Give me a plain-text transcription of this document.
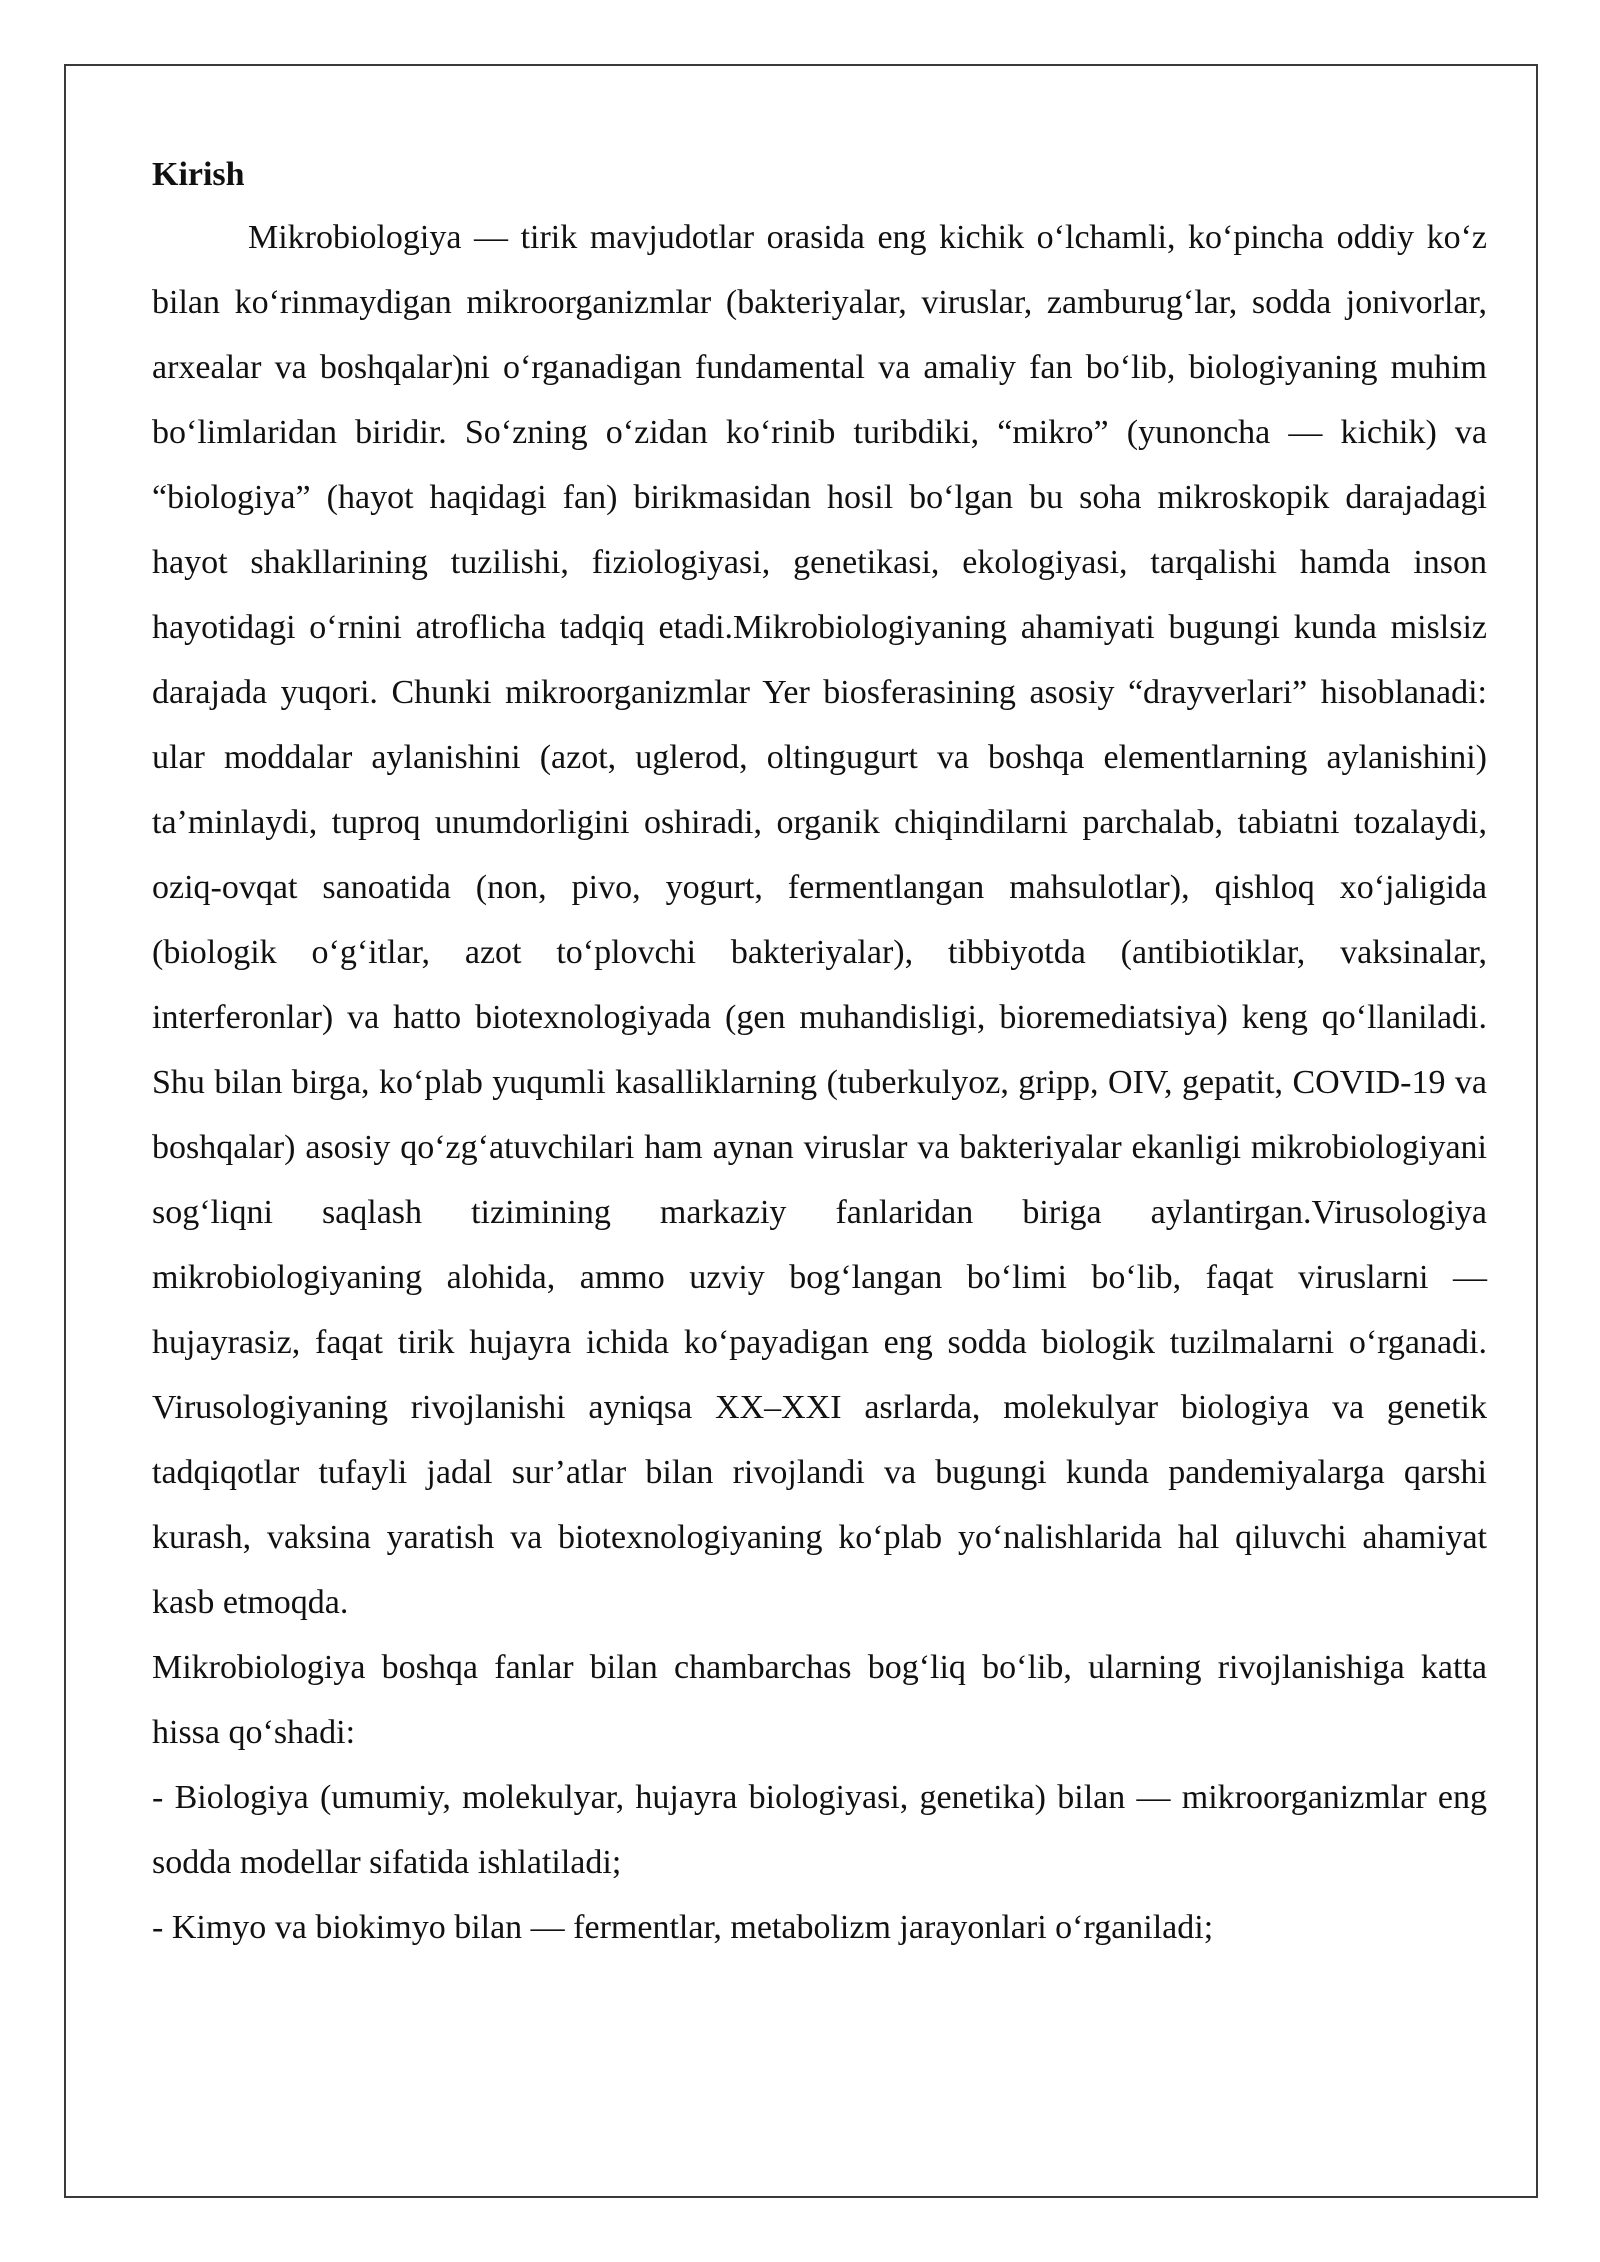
Kirish

Mikrobiologiya — tirik mavjudotlar orasida eng kichik o‘lchamli, ko‘pincha oddiy ko‘z bilan ko‘rinmaydigan mikroorganizmlar (bakteriyalar, viruslar, zamburug‘lar, sodda jonivorlar, arxealar va boshqalar)ni o‘rganadigan fundamental va amaliy fan bo‘lib, biologiyaning muhim bo‘limlaridan biridir. So‘zning o‘zidan ko‘rinib turibdiki, “mikro” (yunoncha — kichik) va “biologiya” (hayot haqidagi fan) birikmasidan hosil bo‘lgan bu soha mikroskopik darajadagi hayot shakllarining tuzilishi, fiziologiyasi, genetikasi, ekologiyasi, tarqalishi hamda inson hayotidagi o‘rnini atroflicha tadqiq etadi.Mikrobiologiyaning ahamiyati bugungi kunda mislsiz darajada yuqori. Chunki mikroorganizmlar Yer biosferasining asosiy “drayverlari” hisoblanadi: ular moddalar aylanishini (azot, uglerod, oltingugurt va boshqa elementlarning aylanishini) ta’minlaydi, tuproq unumdorligini oshiradi, organik chiqindilarni parchalab, tabiatni tozalaydi, oziq-ovqat sanoatida (non, pivo, yogurt, fermentlangan mahsulotlar), qishloq xo‘jaligida (biologik o‘g‘itlar, azot to‘plovchi bakteriyalar), tibbiyotda (antibiotiklar, vaksinalar, interferonlar) va hatto biotexnologiyada (gen muhandisligi, bioremediatsiya) keng qo‘llaniladi. Shu bilan birga, ko‘plab yuqumli kasalliklarning (tuberkulyoz, gripp, OIV, gepatit, COVID-19 va boshqalar) asosiy qo‘zg‘atuvchilari ham aynan viruslar va bakteriyalar ekanligi mikrobiologiyani sog‘liqni saqlash tizimining markaziy fanlaridan biriga aylantirgan.Virusologiya mikrobiologiyaning alohida, ammo uzviy bog‘langan bo‘limi bo‘lib, faqat viruslarni — hujayrasiz, faqat tirik hujayra ichida ko‘payadigan eng sodda biologik tuzilmalarni o‘rganadi. Virusologiyaning rivojlanishi ayniqsa XX–XXI asrlarda, molekulyar biologiya va genetik tadqiqotlar tufayli jadal sur’atlar bilan rivojlandi va bugungi kunda pandemiyalarga qarshi kurash, vaksina yaratish va biotexnologiyaning ko‘plab yo‘nalishlarida hal qiluvchi ahamiyat kasb etmoqda.

Mikrobiologiya boshqa fanlar bilan chambarchas bog‘liq bo‘lib, ularning rivojlanishiga katta hissa qo‘shadi:

- Biologiya (umumiy, molekulyar, hujayra biologiyasi, genetika) bilan — mikroorganizmlar eng sodda modellar sifatida ishlatiladi;

- Kimyo va biokimyo bilan — fermentlar, metabolizm jarayonlari o‘rganiladi;
